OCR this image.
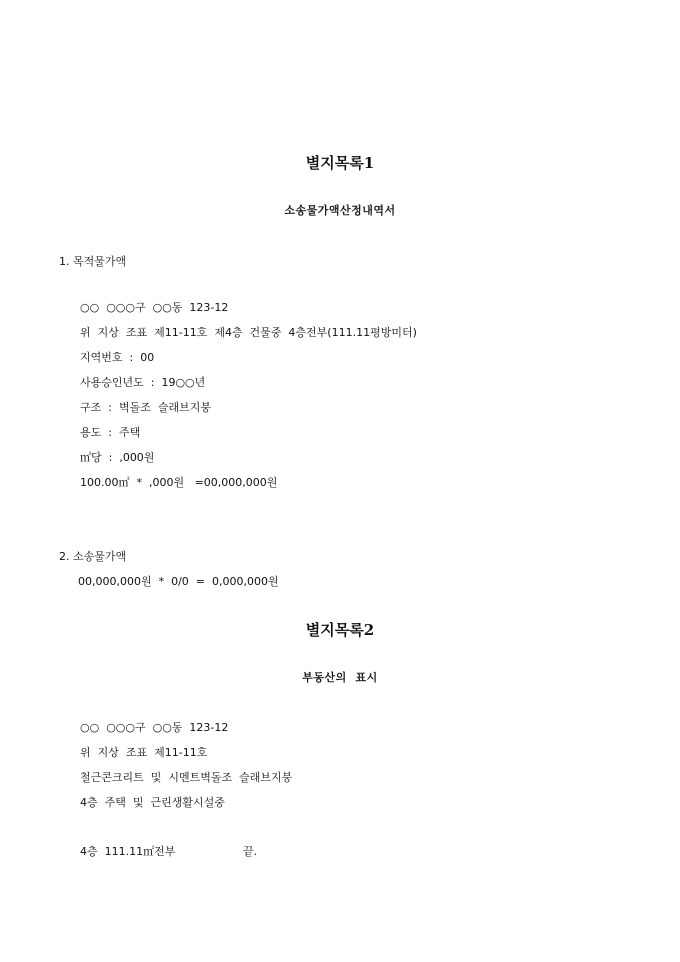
별지목록1
소송물가액산정내역서
1. 목적물가액
○○  ○○○구  ○○동  123-12
위  지상  조표  제11-11호  제4층  건물중  4층전부(111.11평방미터)
지역번호  :  00
사용승인년도  :  19○○년
구조  :  벽돌조  슬래브지붕
용도  :  주택
㎡당  :  ,000원
100.00㎡  *  ,000원   =00,000,000원
2. 소송물가액
00,000,000원  *  0/0  =  0,000,000원
별지목록2
부동산의  표시
○○  ○○○구  ○○동  123-12
위  지상  조표  제11-11호
철근콘크리트  및  시멘트벽돌조  슬래브지붕
4층  주택  및  근린생활시설중
4층  111.11㎡전부	끝.
